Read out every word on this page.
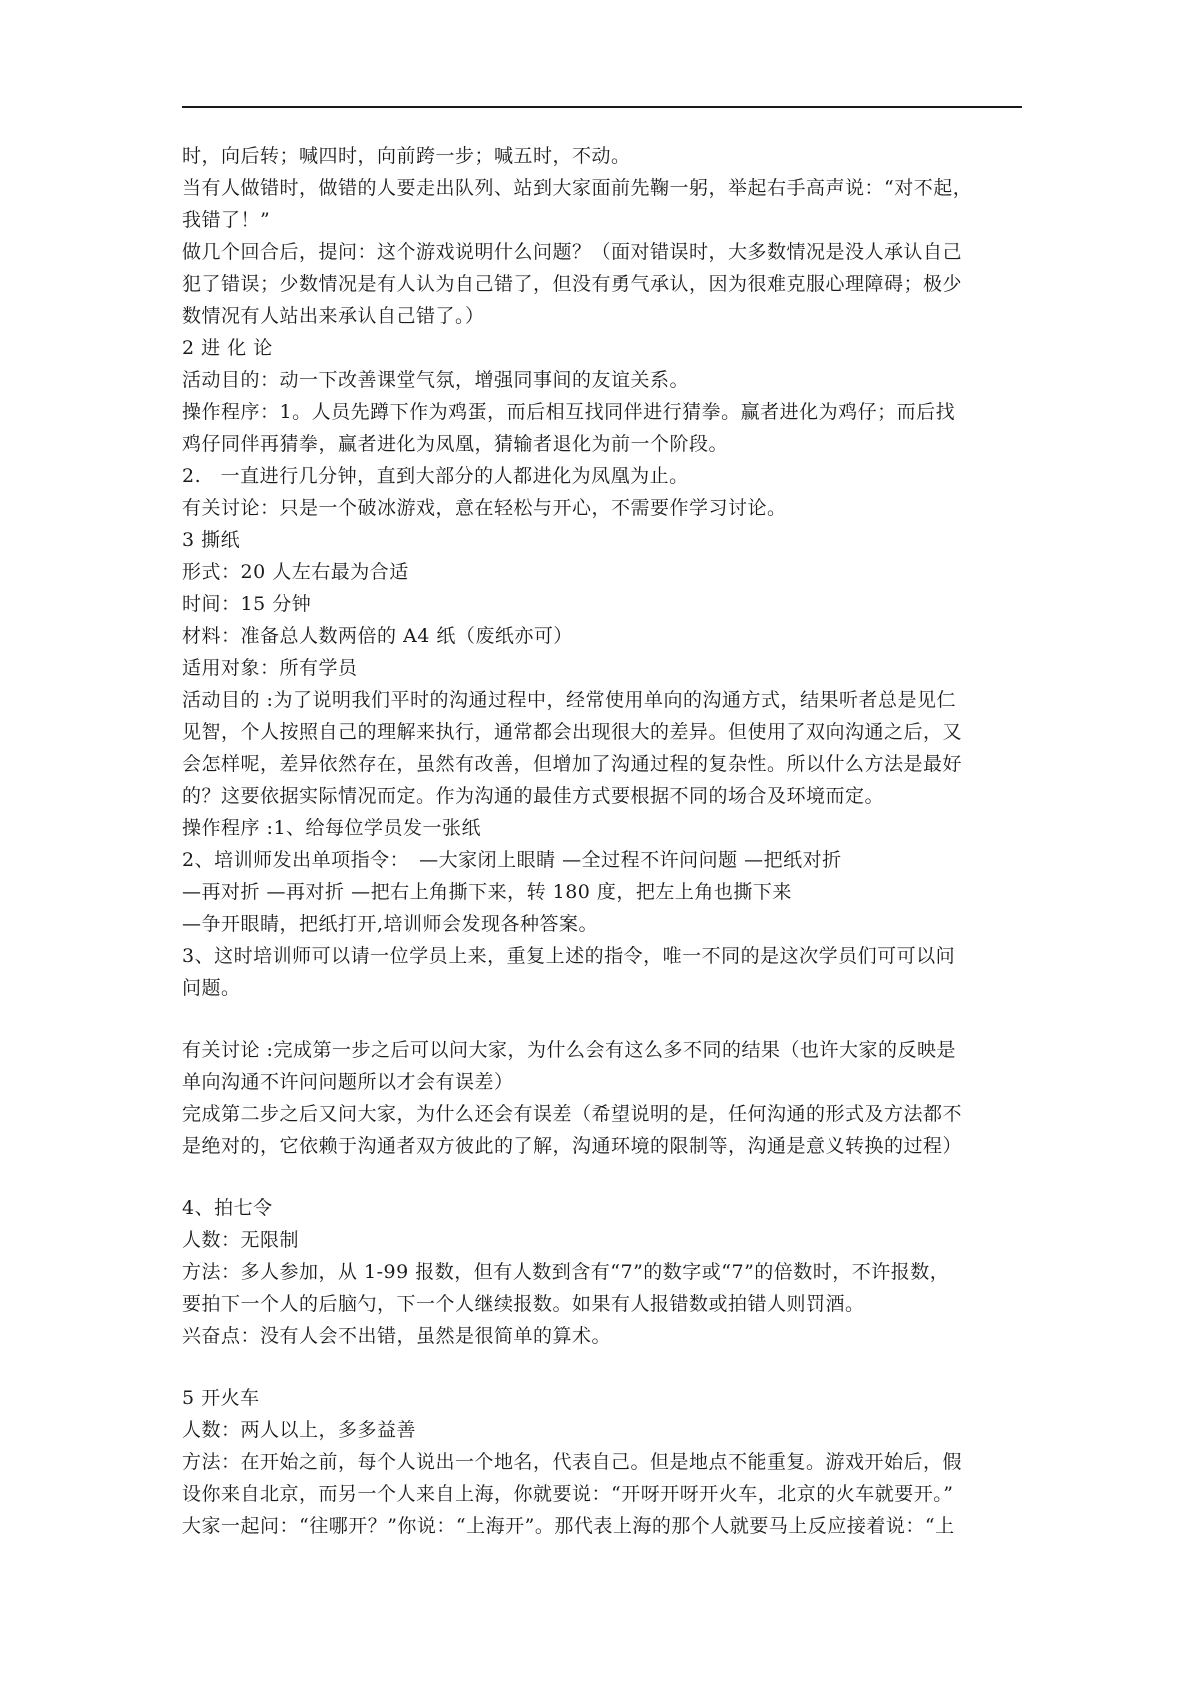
时，向后转；喊四时，向前跨一步；喊五时，不动。
当有人做错时，做错的人要走出队列、站到大家面前先鞠一躬，举起右手高声说：“对不起，
我错了！”
做几个回合后，提问：这个游戏说明什么问题？（面对错误时，大多数情况是没人承认自己
犯了错误；少数情况是有人认为自己错了，但没有勇气承认，因为很难克服心理障碍；极少
数情况有人站出来承认自己错了。）
2 进 化 论
活动目的：动一下改善课堂气氛，增强同事间的友谊关系。
操作程序：1。人员先蹲下作为鸡蛋，而后相互找同伴进行猜拳。赢者进化为鸡仔；而后找
鸡仔同伴再猜拳，赢者进化为凤凰，猜输者退化为前一个阶段。
2.　一直进行几分钟，直到大部分的人都进化为凤凰为止。
有关讨论：只是一个破冰游戏，意在轻松与开心，不需要作学习讨论。
3 撕纸
形式：20 人左右最为合适
时间：15 分钟
材料：准备总人数两倍的 A4 纸（废纸亦可）
适用对象：所有学员
活动目的 :为了说明我们平时的沟通过程中，经常使用单向的沟通方式，结果听者总是见仁
见智，个人按照自己的理解来执行，通常都会出现很大的差异。但使用了双向沟通之后，又
会怎样呢，差异依然存在，虽然有改善，但增加了沟通过程的复杂性。所以什么方法是最好
的？这要依据实际情况而定。作为沟通的最佳方式要根据不同的场合及环境而定。
操作程序 :1、给每位学员发一张纸
2、培训师发出单项指令：　—大家闭上眼睛 —全过程不许问问题 —把纸对折
—再对折 —再对折 —把右上角撕下来，转 180 度，把左上角也撕下来
—争开眼睛，把纸打开,培训师会发现各种答案。
3、这时培训师可以请一位学员上来，重复上述的指令，唯一不同的是这次学员们可可以问
问题。
有关讨论 :完成第一步之后可以问大家，为什么会有这么多不同的结果（也许大家的反映是
单向沟通不许问问题所以才会有误差）
完成第二步之后又问大家，为什么还会有误差（希望说明的是，任何沟通的形式及方法都不
是绝对的，它依赖于沟通者双方彼此的了解，沟通环境的限制等，沟通是意义转换的过程）
4、拍七令
人数：无限制
方法：多人参加，从 1-99 报数，但有人数到含有“7”的数字或“7”的倍数时，不许报数，
要拍下一个人的后脑勺，下一个人继续报数。如果有人报错数或拍错人则罚酒。
兴奋点：没有人会不出错，虽然是很简单的算术。
5 开火车
人数：两人以上，多多益善
方法：在开始之前，每个人说出一个地名，代表自己。但是地点不能重复。游戏开始后，假
设你来自北京，而另一个人来自上海，你就要说：“开呀开呀开火车，北京的火车就要开。”
大家一起问：“往哪开？”你说：“上海开”。那代表上海的那个人就要马上反应接着说：“上
